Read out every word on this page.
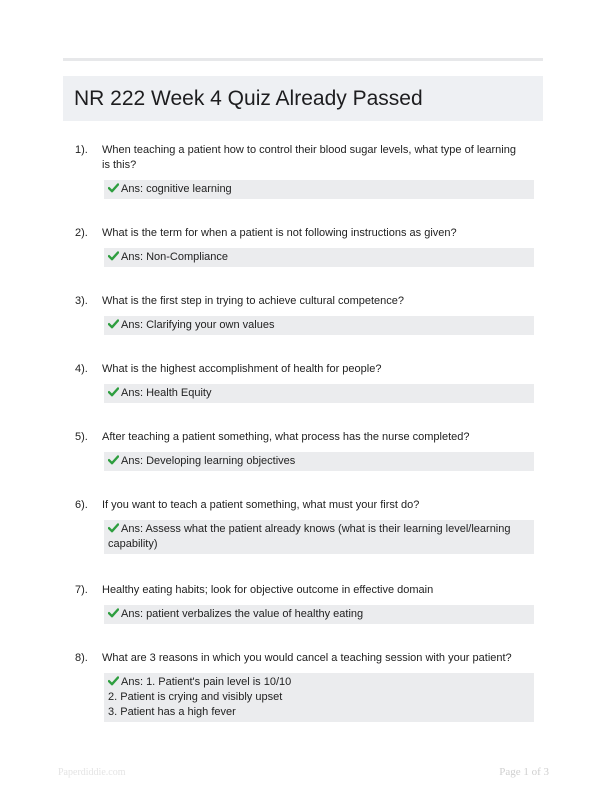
NR 222 Week 4 Quiz Already Passed
1). When teaching a patient how to control their blood sugar levels, what type of learning is this?
Ans: cognitive learning
2). What is the term for when a patient is not following instructions as given?
Ans: Non-Compliance
3). What is the first step in trying to achieve cultural competence?
Ans: Clarifying your own values
4). What is the highest accomplishment of health for people?
Ans: Health Equity
5). After teaching a patient something, what process has the nurse completed?
Ans: Developing learning objectives
6). If you want to teach a patient something, what must your first do?
Ans: Assess what the patient already knows (what is their learning level/learning capability)
7). Healthy eating habits; look for objective outcome in effective domain
Ans: patient verbalizes the value of healthy eating
8). What are 3 reasons in which you would cancel a teaching session with your patient?
Ans: 1. Patient's pain level is 10/10
2. Patient is crying and visibly upset
3. Patient has a high fever
Paperdiddie.com	Page 1 of 3
